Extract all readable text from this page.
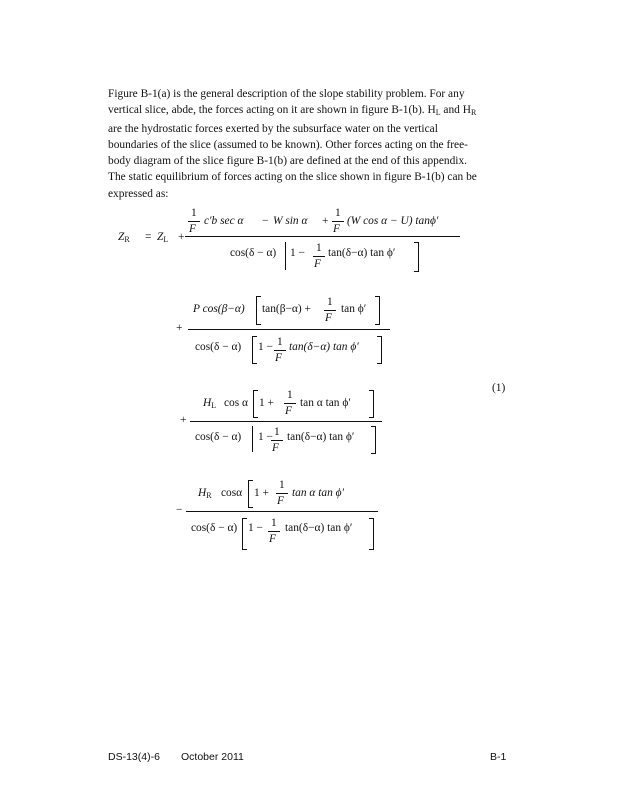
Figure B-1(a) is the general description of the slope stability problem. For any
vertical slice, abde, the forces acting on it are shown in figure B-1(b). $H_L$ and $H_R$
are the hydrostatic forces exerted by the subsurface water on the vertical
boundaries of the slice (assumed to be known). Other forces acting on the free-
body diagram of the slice figure B-1(b) are defined at the end of this appendix.
The static equilibrium of forces acting on the slice shown in figure B-1(b) can be
expressed as:
$Z_R = Z_L$ +
1
F
c′b sec α − W sin α +
1
F
(W cos α − U) tanϕ′
cos(δ − α) 1 − 1
F
tan(δ−α) tan ϕ′
+
P cos(β−α) tan(β−α) +
1
F
tan ϕ′
cos(δ − α) 1 − 1
F
tan(δ−α) tan ϕ′
+
$H_L$ cos α 1 +
1
F
tan α tan ϕ′
cos(δ − α) 1 − 1
F
tan(δ−α) tan ϕ′
(1)
−
$H_R$ cosα 1 +
1
F
tan α tan ϕ′
cos(δ − α) 1 − 1
F
tan(δ−α) tan ϕ′
DS-13(4)-6 October 2011	B-1
